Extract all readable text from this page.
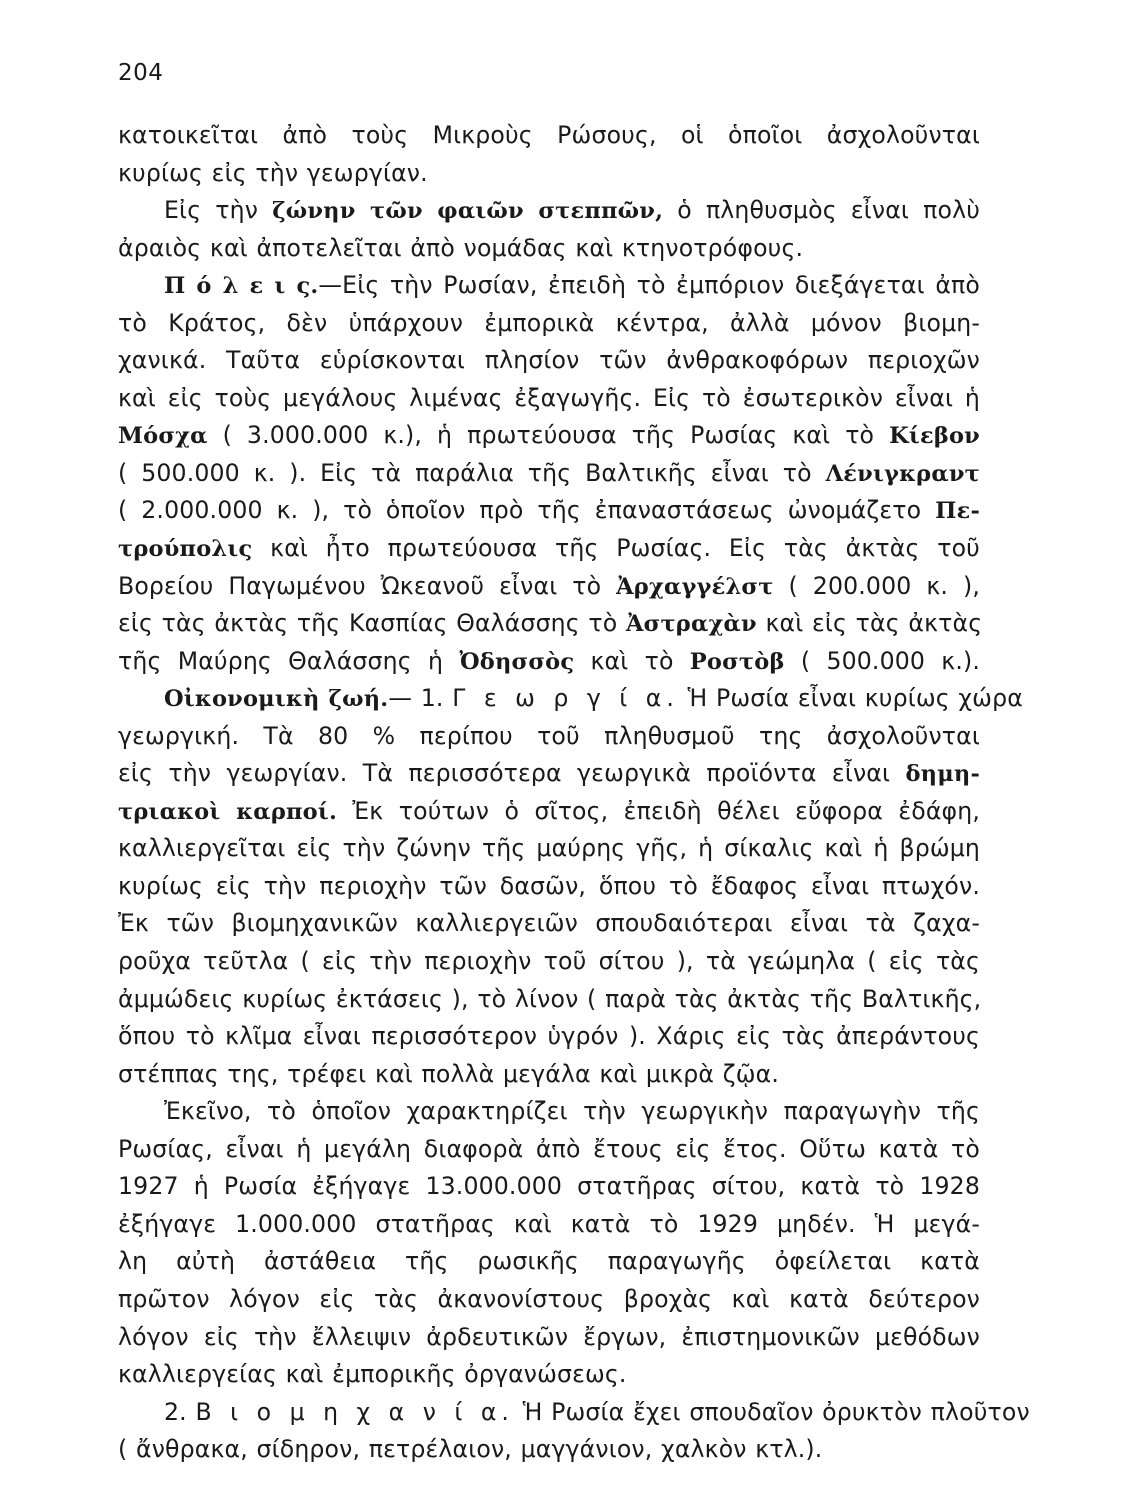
204
κατοικεῖται ἀπὸ τοὺς Μικροὺς Ρώσους, οἱ ὁποῖοι ἀσχολοῦνται
κυρίως εἰς τὴν γεωργίαν.
Εἰς τὴν ζώνην τῶν φαιῶν στεππῶν, ὁ πληθυσμὸς εἶναι πολὺ
ἀραιὸς καὶ ἀποτελεῖται ἀπὸ νομάδας καὶ κτηνοτρόφους.
Π ό λ ε ι ς.—Εἰς τὴν Ρωσίαν, ἐπειδὴ τὸ ἐμπόριον διεξάγεται ἀπὸ
τὸ Κράτος, δὲν ὑπάρχουν ἐμπορικὰ κέντρα, ἀλλὰ μόνον βιομη-
χανικά. Ταῦτα εὑρίσκονται πλησίον τῶν ἀνθρακοφόρων περιοχῶν
καὶ εἰς τοὺς μεγάλους λιμένας ἐξαγωγῆς. Εἰς τὸ ἐσωτερικὸν εἶναι ἡ
Μόσχα ( 3.000.000 κ.), ἡ πρωτεύουσα τῆς Ρωσίας καὶ τὸ Κίεβον
( 500.000 κ. ). Εἰς τὰ παράλια τῆς Βαλτικῆς εἶναι τὸ Λένιγκραντ
( 2.000.000 κ. ), τὸ ὁποῖον πρὸ τῆς ἐπαναστάσεως ὠνομάζετο Πε-
τρούπολις καὶ ἦτο πρωτεύουσα τῆς Ρωσίας. Εἰς τὰς ἀκτὰς τοῦ
Βορείου Παγωμένου Ὠκεανοῦ εἶναι τὸ Ἀρχαγγέλστ ( 200.000 κ. ),
εἰς τὰς ἀκτὰς τῆς Κασπίας Θαλάσσης τὸ Ἀστραχὰν καὶ εἰς τὰς ἀκτὰς
τῆς Μαύρης Θαλάσσης ἡ Ὀδησσὸς καὶ τὸ Ροστὸβ ( 500.000 κ.).
Οἰκονομικὴ ζωή.— 1. Γ ε ω ρ γ ί α. Ἡ Ρωσία εἶναι κυρίως χώρα
γεωργική. Τὰ 80 % περίπου τοῦ πληθυσμοῦ της ἀσχολοῦνται
εἰς τὴν γεωργίαν. Τὰ περισσότερα γεωργικὰ προϊόντα εἶναι δημη-
τριακοὶ καρποί. Ἐκ τούτων ὁ σῖτος, ἐπειδὴ θέλει εὔφορα ἐδάφη,
καλλιεργεῖται εἰς τὴν ζώνην τῆς μαύρης γῆς, ἡ σίκαλις καὶ ἡ βρώμη
κυρίως εἰς τὴν περιοχὴν τῶν δασῶν, ὅπου τὸ ἔδαφος εἶναι πτωχόν.
Ἐκ τῶν βιομηχανικῶν καλλιεργειῶν σπουδαιότεραι εἶναι τὰ ζαχα-
ροῦχα τεῦτλα ( εἰς τὴν περιοχὴν τοῦ σίτου ), τὰ γεώμηλα ( εἰς τὰς
ἀμμώδεις κυρίως ἐκτάσεις ), τὸ λίνον ( παρὰ τὰς ἀκτὰς τῆς Βαλτικῆς,
ὅπου τὸ κλῖμα εἶναι περισσότερον ὑγρόν ). Χάρις εἰς τὰς ἀπεράντους
στέππας της, τρέφει καὶ πολλὰ μεγάλα καὶ μικρὰ ζῷα.
Ἐκεῖνο, τὸ ὁποῖον χαρακτηρίζει τὴν γεωργικὴν παραγωγὴν τῆς
Ρωσίας, εἶναι ἡ μεγάλη διαφορὰ ἀπὸ ἔτους εἰς ἔτος. Οὕτω κατὰ τὸ
1927 ἡ Ρωσία ἐξήγαγε 13.000.000 στατῆρας σίτου, κατὰ τὸ 1928
ἐξήγαγε 1.000.000 στατῆρας καὶ κατὰ τὸ 1929 μηδέν. Ἡ μεγά-
λη αὐτὴ ἀστάθεια τῆς ρωσικῆς παραγωγῆς ὀφείλεται κατὰ
πρῶτον λόγον εἰς τὰς ἀκανονίστους βροχὰς καὶ κατὰ δεύτερον
λόγον εἰς τὴν ἔλλειψιν ἀρδευτικῶν ἔργων, ἐπιστημονικῶν μεθόδων
καλλιεργείας καὶ ἐμπορικῆς ὀργανώσεως.
2. Β ι ο μ η χ α ν ί α. Ἡ Ρωσία ἔχει σπουδαῖον ὀρυκτὸν πλοῦτον
( ἄνθρακα, σίδηρον, πετρέλαιον, μαγγάνιον, χαλκὸν κτλ.).
